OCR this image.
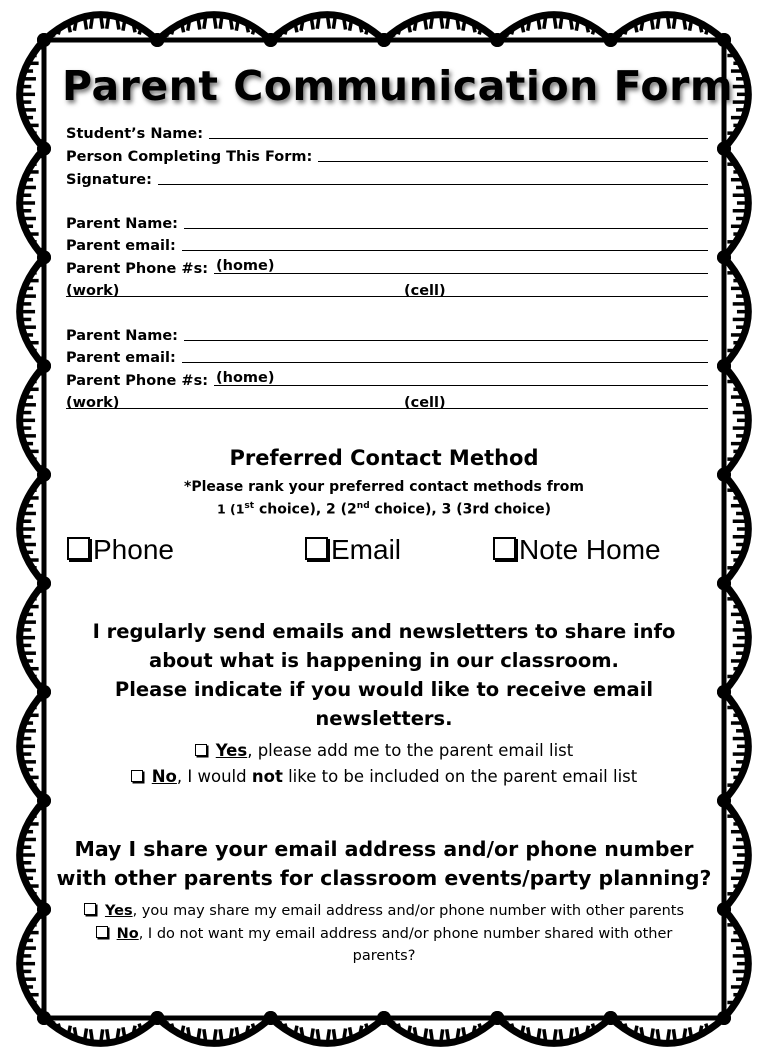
Parent Communication Form
Student’s Name:
Person Completing This Form:
Signature:
Parent Name:
Parent email:
Parent Phone #s: (home)
(work)	(cell)
Parent Name:
Parent email:
Parent Phone #s: (home)
(work)	(cell)
Preferred Contact Method
*Please rank your preferred contact methods from
1 (1st choice), 2 (2nd choice), 3 (3rd choice)
Phone	Email	Note Home
I regularly send emails and newsletters to share info
about what is happening in our classroom.
Please indicate if you would like to receive email
newsletters.
Yes, please add me to the parent email list
No, I would not like to be included on the parent email list
May I share your email address and/or phone number
with other parents for classroom events/party planning?
Yes, you may share my email address and/or phone number with other parents
No, I do not want my email address and/or phone number shared with other
parents?
